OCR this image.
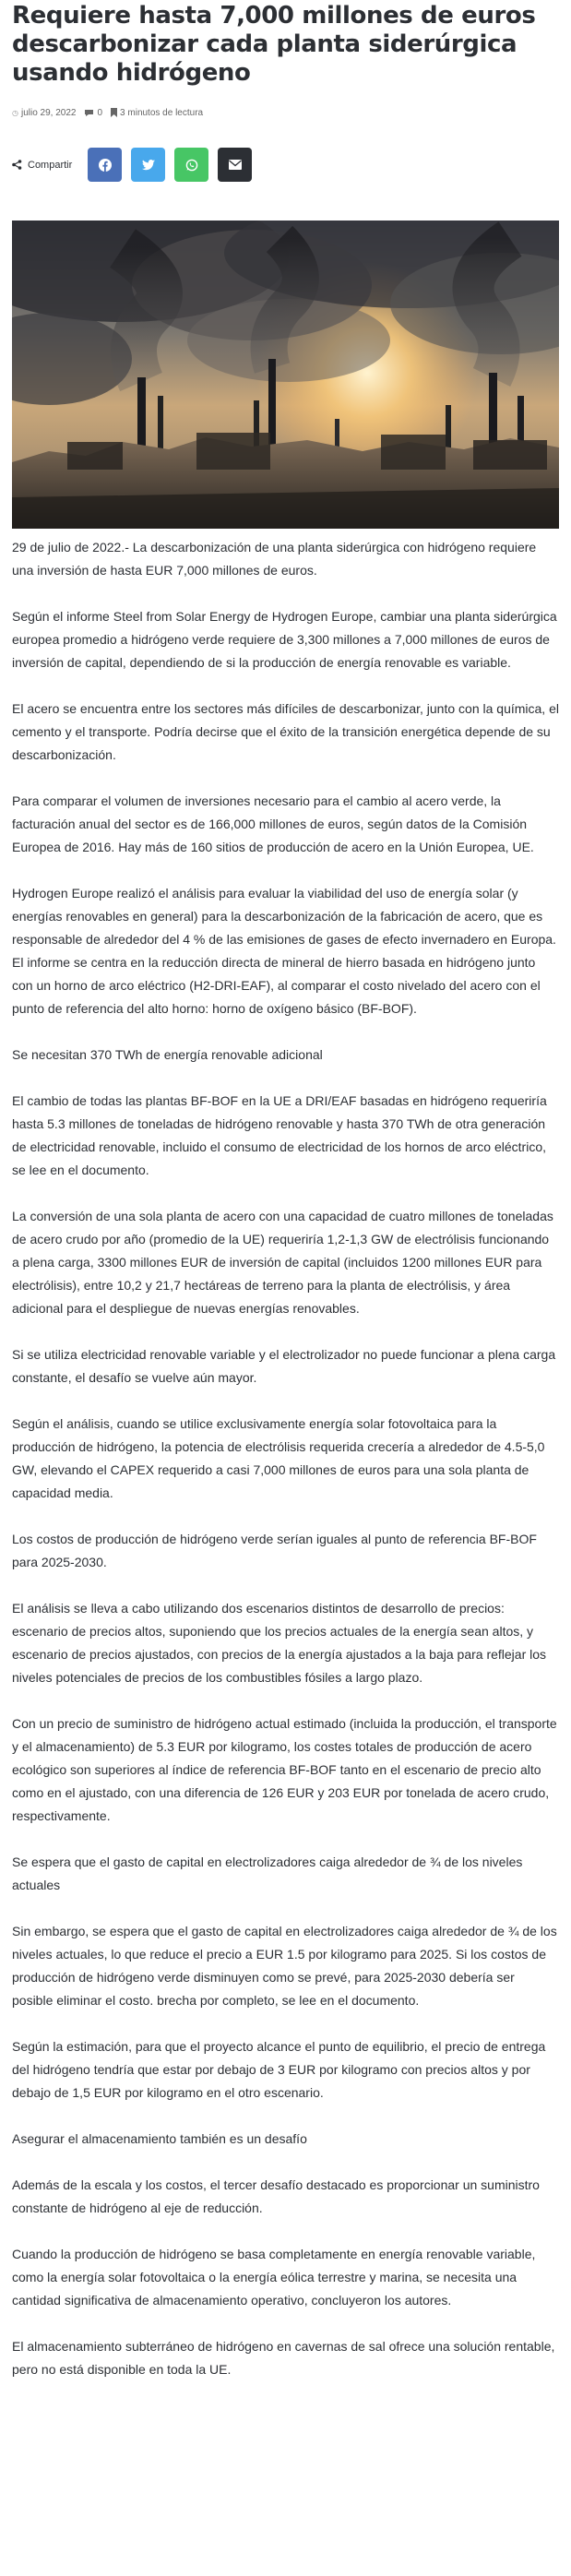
Requiere hasta 7,000 millones de euros descarbonizar cada planta siderúrgica usando hidrógeno
◷ julio 29, 2022 0 3 minutos de lectura
Compartir

29 de julio de 2022.- La descarbonización de una planta siderúrgica con hidrógeno requiere una inversión de hasta EUR 7,000 millones de euros.

Según el informe Steel from Solar Energy de Hydrogen Europe, cambiar una planta siderúrgica europea promedio a hidrógeno verde requiere de 3,300 millones a 7,000 millones de euros de inversión de capital, dependiendo de si la producción de energía renovable es variable.

El acero se encuentra entre los sectores más difíciles de descarbonizar, junto con la química, el cemento y el transporte. Podría decirse que el éxito de la transición energética depende de su descarbonización.

Para comparar el volumen de inversiones necesario para el cambio al acero verde, la facturación anual del sector es de 166,000 millones de euros, según datos de la Comisión Europea de 2016. Hay más de 160 sitios de producción de acero en la Unión Europea, UE.

Hydrogen Europe realizó el análisis para evaluar la viabilidad del uso de energía solar (y energías renovables en general) para la descarbonización de la fabricación de acero, que es responsable de alrededor del 4 % de las emisiones de gases de efecto invernadero en Europa. El informe se centra en la reducción directa de mineral de hierro basada en hidrógeno junto con un horno de arco eléctrico (H2-DRI-EAF), al comparar el costo nivelado del acero con el punto de referencia del alto horno: horno de oxígeno básico (BF-BOF).

Se necesitan 370 TWh de energía renovable adicional

El cambio de todas las plantas BF-BOF en la UE a DRI/EAF basadas en hidrógeno requeriría hasta 5.3 millones de toneladas de hidrógeno renovable y hasta 370 TWh de otra generación de electricidad renovable, incluido el consumo de electricidad de los hornos de arco eléctrico, se lee en el documento.

La conversión de una sola planta de acero con una capacidad de cuatro millones de toneladas de acero crudo por año (promedio de la UE) requeriría 1,2-1,3 GW de electrólisis funcionando a plena carga, 3300 millones EUR de inversión de capital (incluidos 1200 millones EUR para electrólisis), entre 10,2 y 21,7 hectáreas de terreno para la planta de electrólisis, y área adicional para el despliegue de nuevas energías renovables.

Si se utiliza electricidad renovable variable y el electrolizador no puede funcionar a plena carga constante, el desafío se vuelve aún mayor.

Según el análisis, cuando se utilice exclusivamente energía solar fotovoltaica para la producción de hidrógeno, la potencia de electrólisis requerida crecería a alrededor de 4.5-5,0 GW, elevando el CAPEX requerido a casi 7,000 millones de euros para una sola planta de capacidad media.

Los costos de producción de hidrógeno verde serían iguales al punto de referencia BF-BOF para 2025-2030.

El análisis se lleva a cabo utilizando dos escenarios distintos de desarrollo de precios: escenario de precios altos, suponiendo que los precios actuales de la energía sean altos, y escenario de precios ajustados, con precios de la energía ajustados a la baja para reflejar los niveles potenciales de precios de los combustibles fósiles a largo plazo.

Con un precio de suministro de hidrógeno actual estimado (incluida la producción, el transporte y el almacenamiento) de 5.3 EUR por kilogramo, los costes totales de producción de acero ecológico son superiores al índice de referencia BF-BOF tanto en el escenario de precio alto como en el ajustado, con una diferencia de 126 EUR y 203 EUR por tonelada de acero crudo, respectivamente.

Se espera que el gasto de capital en electrolizadores caiga alrededor de ¾ de los niveles actuales

Sin embargo, se espera que el gasto de capital en electrolizadores caiga alrededor de ¾ de los niveles actuales, lo que reduce el precio a EUR 1.5 por kilogramo para 2025. Si los costos de producción de hidrógeno verde disminuyen como se prevé, para 2025-2030 debería ser posible eliminar el costo. brecha por completo, se lee en el documento.

Según la estimación, para que el proyecto alcance el punto de equilibrio, el precio de entrega del hidrógeno tendría que estar por debajo de 3 EUR por kilogramo con precios altos y por debajo de 1,5 EUR por kilogramo en el otro escenario.

Asegurar el almacenamiento también es un desafío

Además de la escala y los costos, el tercer desafío destacado es proporcionar un suministro constante de hidrógeno al eje de reducción.

Cuando la producción de hidrógeno se basa completamente en energía renovable variable, como la energía solar fotovoltaica o la energía eólica terrestre y marina, se necesita una cantidad significativa de almacenamiento operativo, concluyeron los autores.

El almacenamiento subterráneo de hidrógeno en cavernas de sal ofrece una solución rentable, pero no está disponible en toda la UE.
